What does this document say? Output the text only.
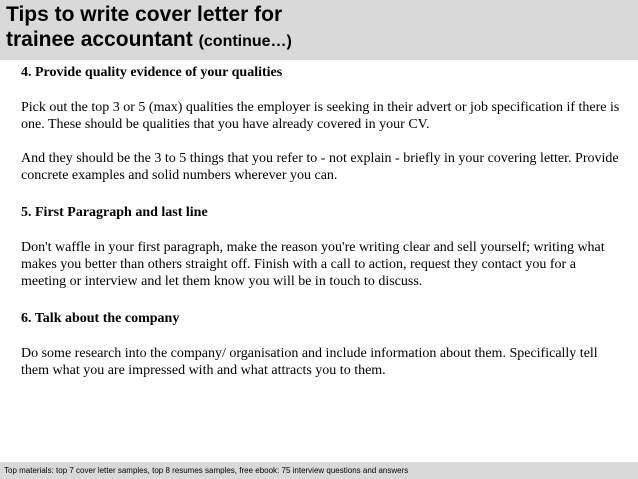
Tips to write cover letter for
trainee accountant (continue…)

4. Provide quality evidence of your qualities

Pick out the top 3 or 5 (max) qualities the employer is seeking in their advert or job specification if there is one. These should be qualities that you have already covered in your CV.

And they should be the 3 to 5 things that you refer to - not explain - briefly in your covering letter. Provide concrete examples and solid numbers wherever you can.

5. First Paragraph and last line

Don't waffle in your first paragraph, make the reason you're writing clear and sell yourself; writing what makes you better than others straight off. Finish with a call to action, request they contact you for a meeting or interview and let them know you will be in touch to discuss.

6. Talk about the company

Do some research into the company/ organisation and include information about them. Specifically tell them what you are impressed with and what attracts you to them.

Top materials: top 7 cover letter samples, top 8 resumes samples, free ebook: 75 interview questions and answers
